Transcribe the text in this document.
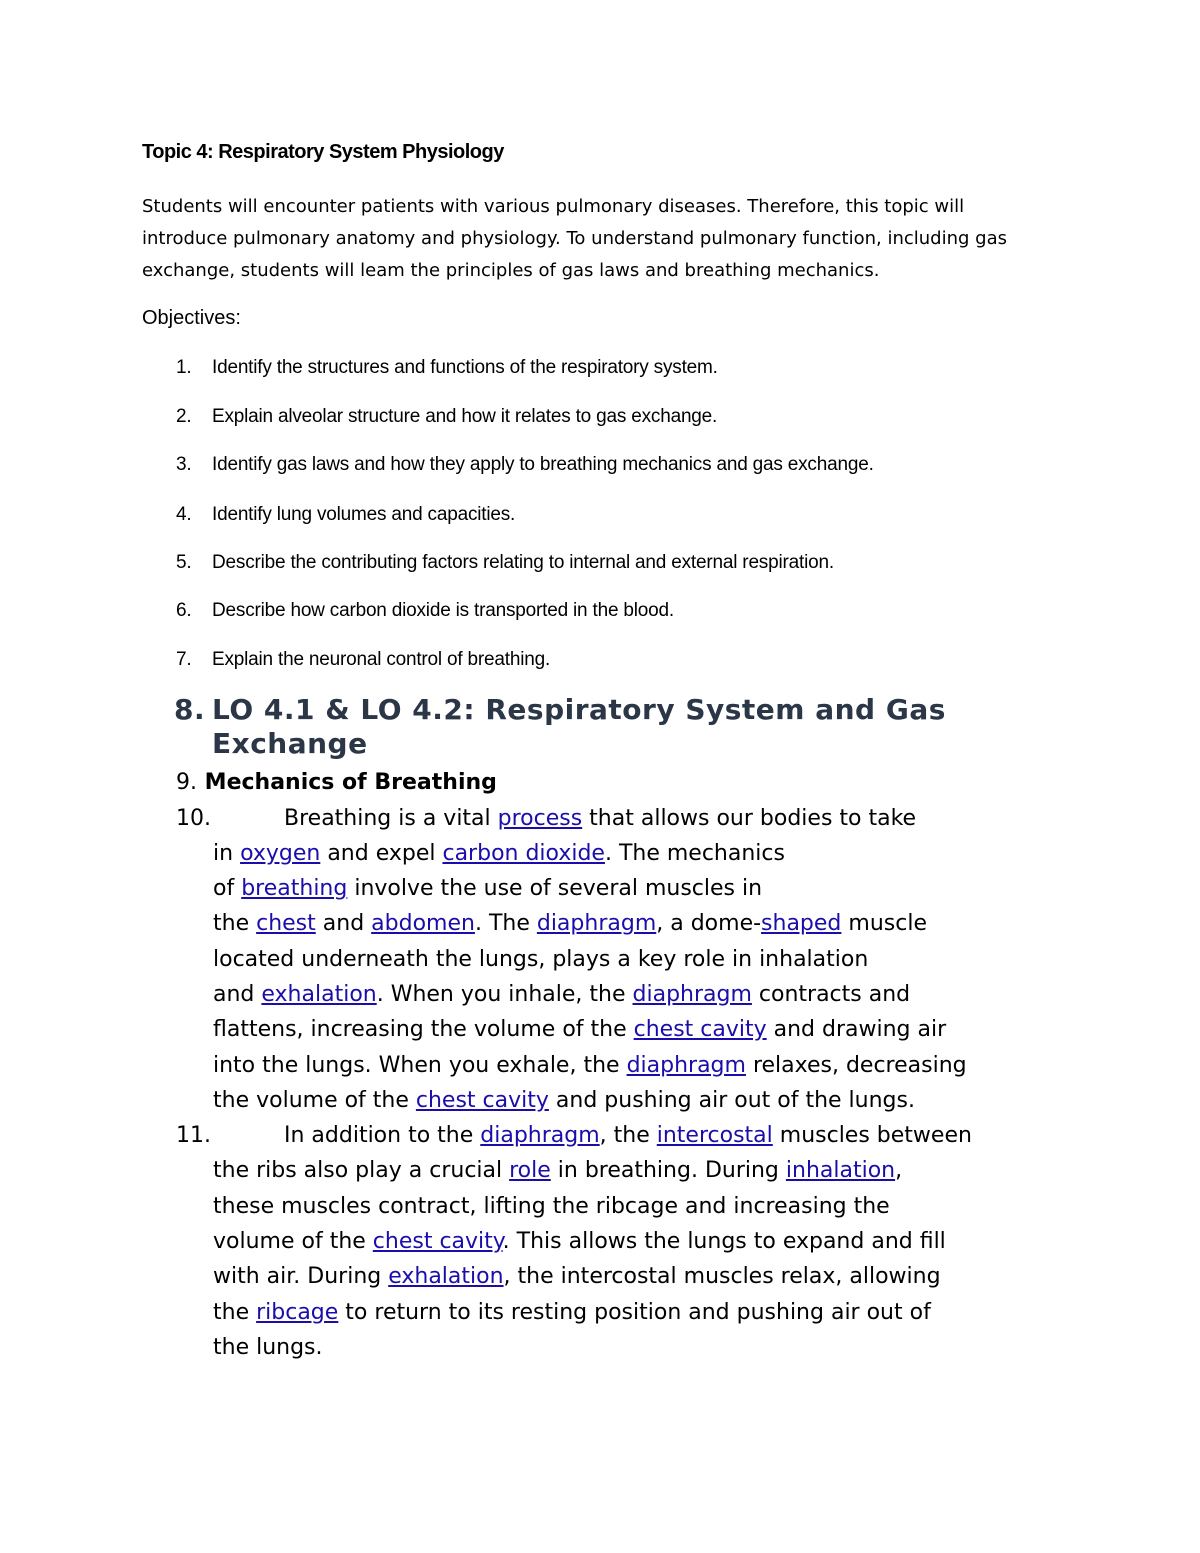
Topic 4: Respiratory System Physiology
Students will encounter patients with various pulmonary diseases. Therefore, this topic will
introduce pulmonary anatomy and physiology. To understand pulmonary function, including gas
exchange, students will leam the principles of gas laws and breathing mechanics.

Objectives:

1. Identify the structures and functions of the respiratory system.
2. Explain alveolar structure and how it relates to gas exchange.
3. Identify gas laws and how they apply to breathing mechanics and gas exchange.
4. Identify lung volumes and capacities.
5. Describe the contributing factors relating to internal and external respiration.
6. Describe how carbon dioxide is transported in the blood.
7. Explain the neuronal control of breathing.
8. LO 4.1 & LO 4.2: Respiratory System and Gas
Exchange
9. Mechanics of Breathing
10.	Breathing is a vital process that allows our bodies to take
in oxygen and expel carbon dioxide. The mechanics
of breathing involve the use of several muscles in
the chest and abdomen. The diaphragm, a dome-shaped muscle
located underneath the lungs, plays a key role in inhalation
and exhalation. When you inhale, the diaphragm contracts and
flattens, increasing the volume of the chest cavity and drawing air
into the lungs. When you exhale, the diaphragm relaxes, decreasing
the volume of the chest cavity and pushing air out of the lungs.
11.	In addition to the diaphragm, the intercostal muscles between
the ribs also play a crucial role in breathing. During inhalation,
these muscles contract, lifting the ribcage and increasing the
volume of the chest cavity. This allows the lungs to expand and fill
with air. During exhalation, the intercostal muscles relax, allowing
the ribcage to return to its resting position and pushing air out of
the lungs.
